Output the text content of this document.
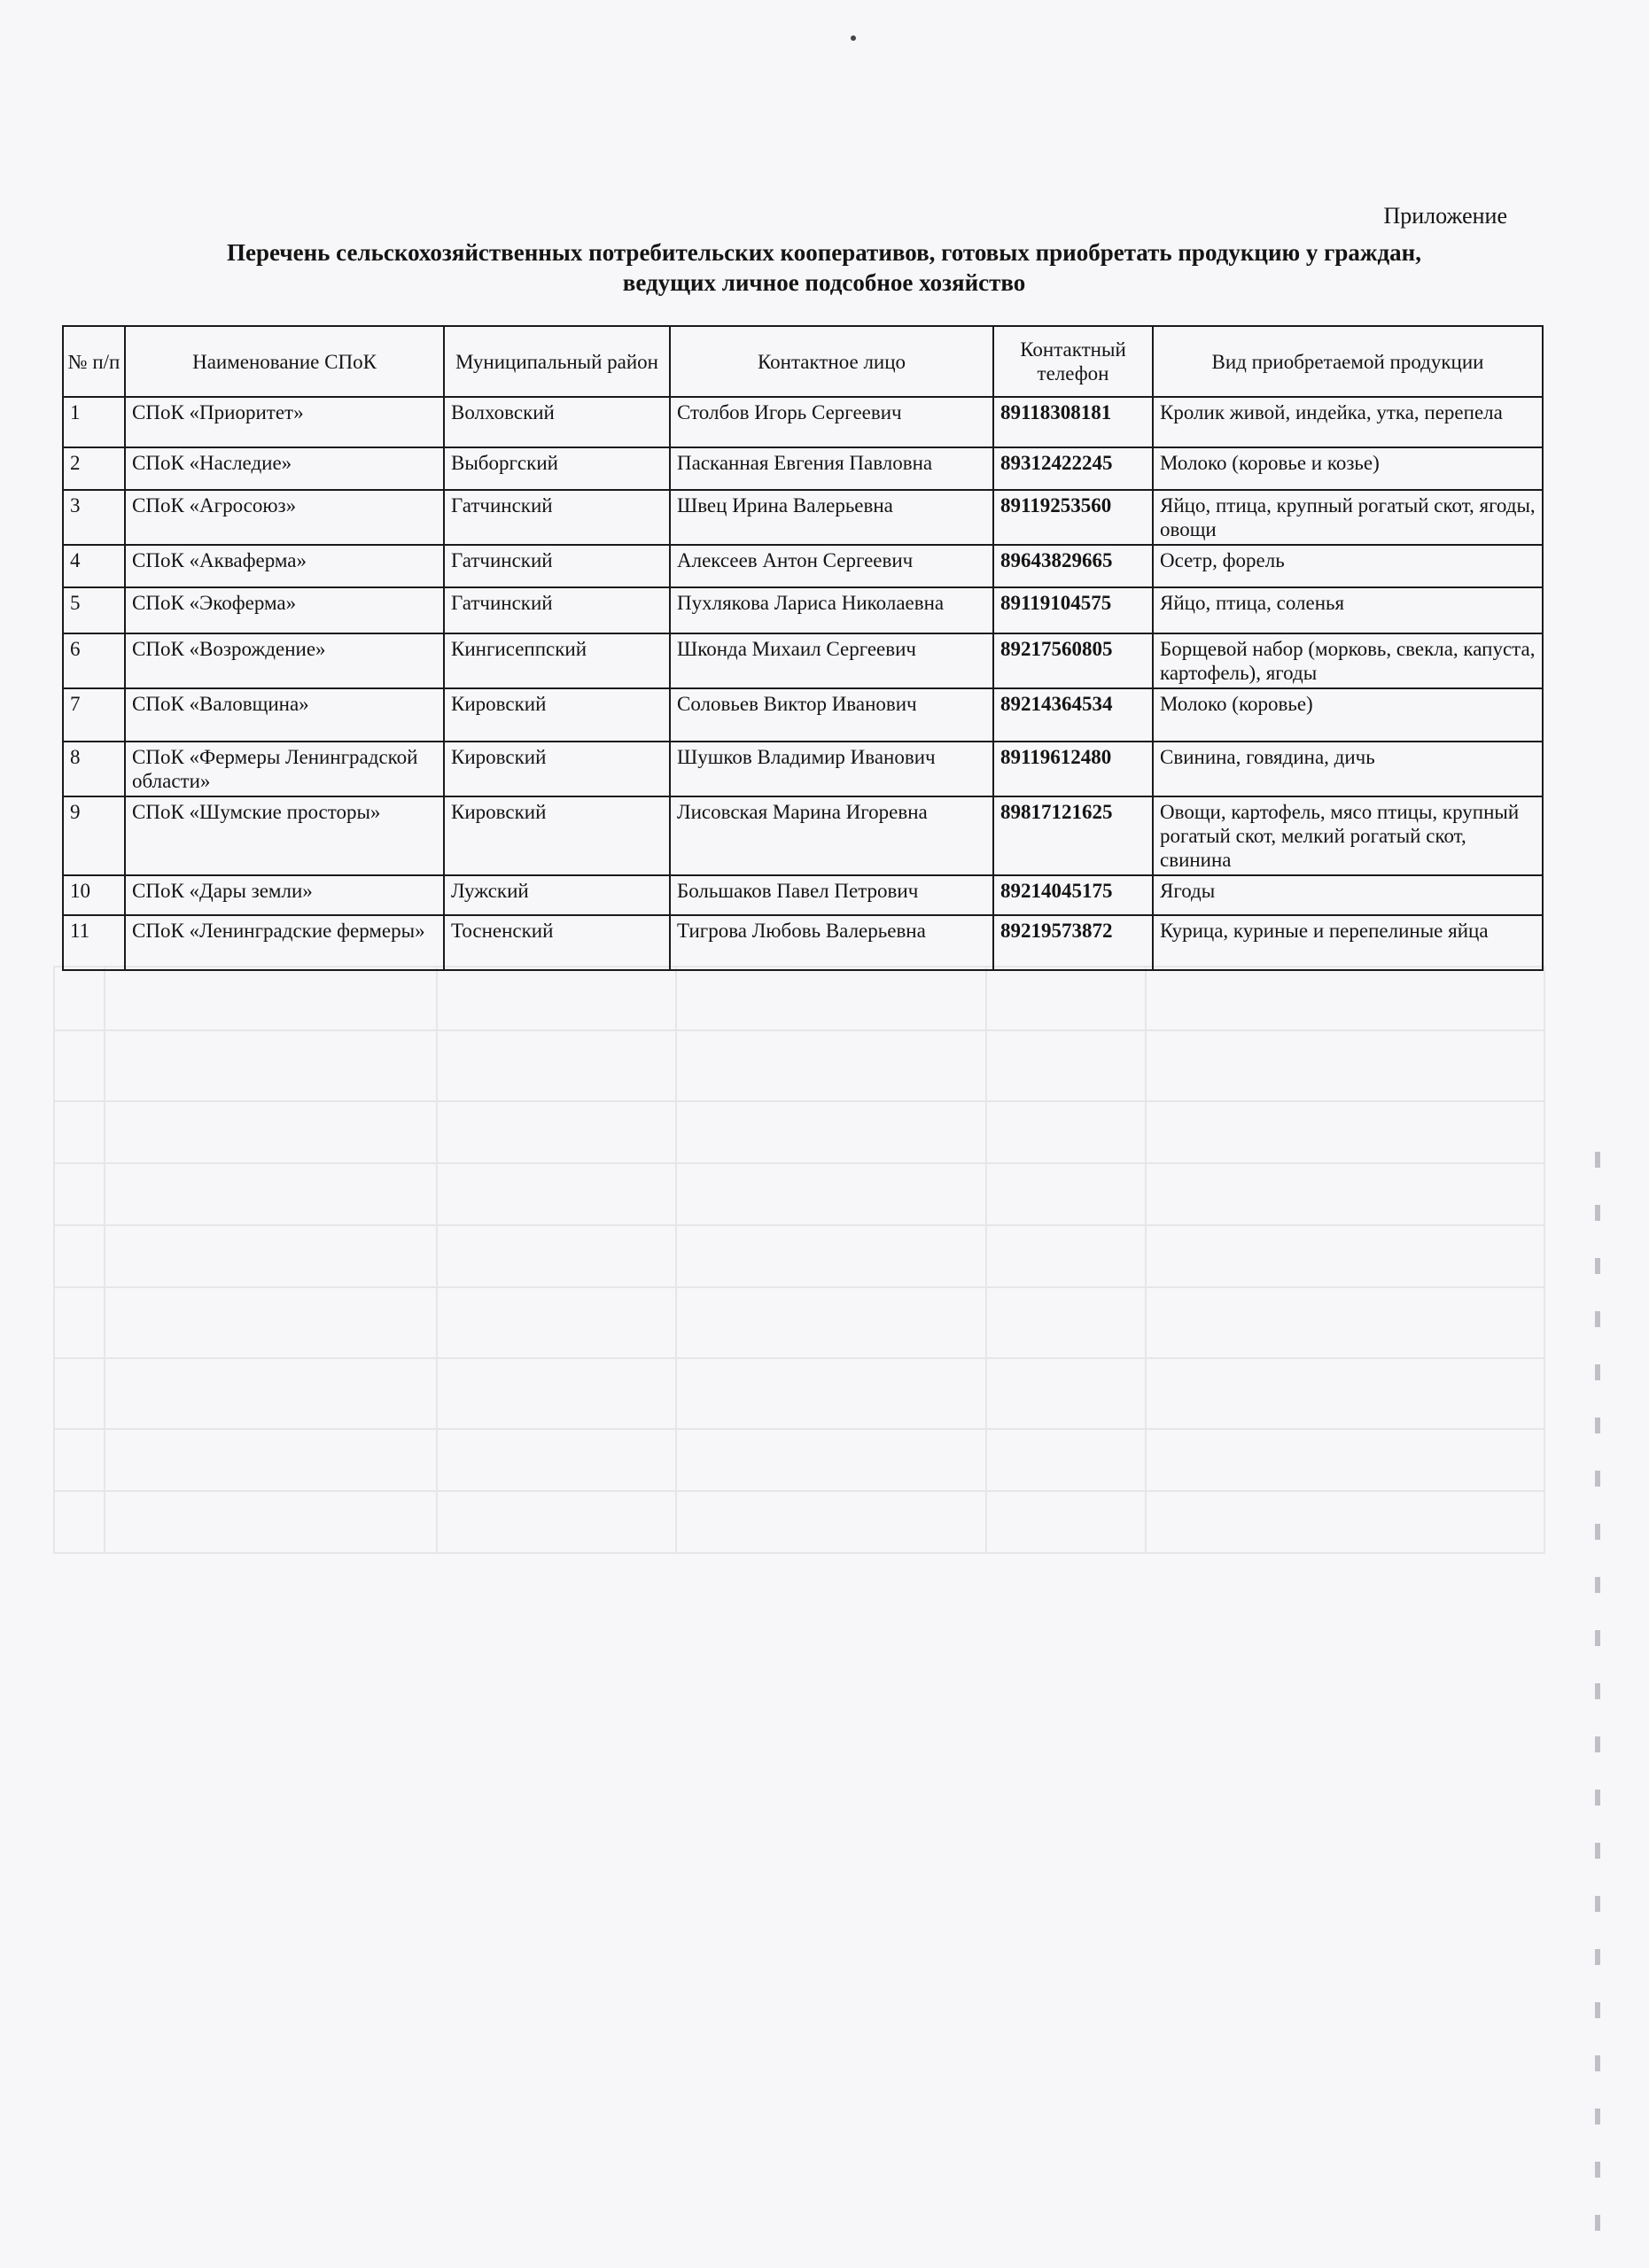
Приложение
Перечень сельскохозяйственных потребительских кооперативов, готовых приобретать продукцию у граждан,
ведущих личное подсобное хозяйство
№ п/п	Наименование СПоК	Муниципальный район	Контактное лицо	Контактный телефон	Вид приобретаемой продукции
1	СПоК «Приоритет»	Волховский	Столбов Игорь Сергеевич	89118308181	Кролик живой, индейка, утка, перепела
2	СПоК «Наследие»	Выборгский	Пасканная Евгения Павловна	89312422245	Молоко (коровье и козье)
3	СПоК «Агросоюз»	Гатчинский	Швец Ирина Валерьевна	89119253560	Яйцо, птица, крупный рогатый скот, ягоды, овощи
4	СПоК «Акваферма»	Гатчинский	Алексеев Антон Сергеевич	89643829665	Осетр, форель
5	СПоК «Экоферма»	Гатчинский	Пухлякова Лариса Николаевна	89119104575	Яйцо, птица, соленья
6	СПоК «Возрождение»	Кингисеппский	Шконда Михаил Сергеевич	89217560805	Борщевой набор (морковь, свекла, капуста, картофель), ягоды
7	СПоК «Валовщина»	Кировский	Соловьев Виктор Иванович	89214364534	Молоко (коровье)
8	СПоК «Фермеры Ленинградской области»	Кировский	Шушков Владимир Иванович	89119612480	Свинина, говядина, дичь
9	СПоК «Шумские просторы»	Кировский	Лисовская Марина Игоревна	89817121625	Овощи, картофель, мясо птицы, крупный рогатый скот, мелкий рогатый скот, свинина
10	СПоК «Дары земли»	Лужский	Большаков Павел Петрович	89214045175	Ягоды
11	СПоК «Ленинградские фермеры»	Тосненский	Тигрова Любовь Валерьевна	89219573872	Курица, куриные и перепелиные яйца
